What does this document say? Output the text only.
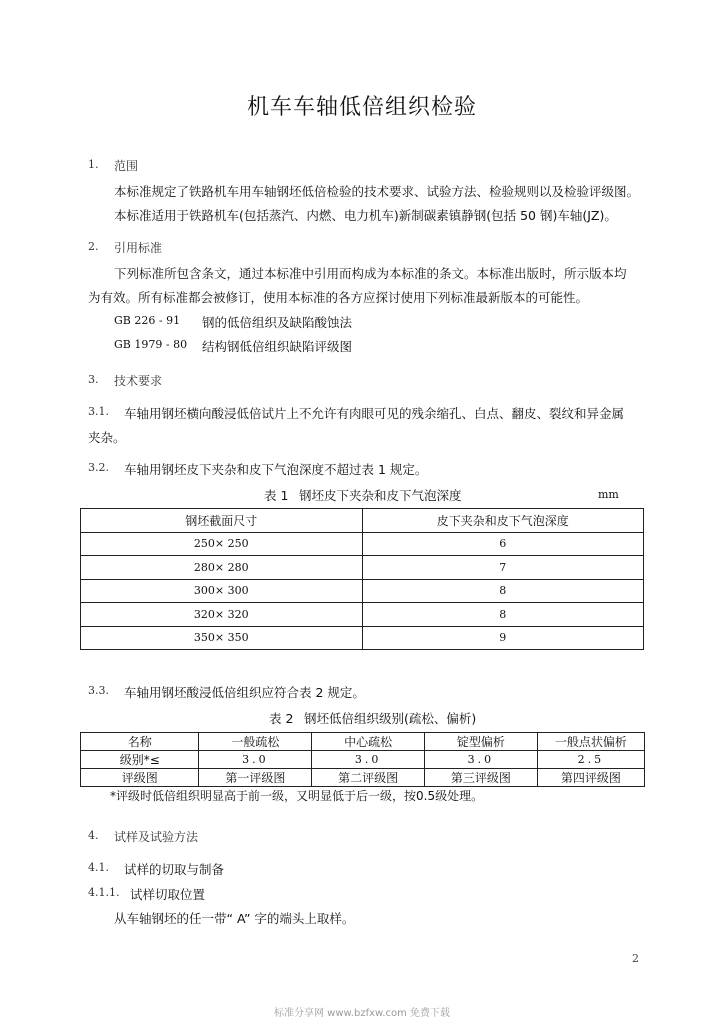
机车车轴低倍组织检验
1. 范围
本标准规定了铁路机车用车轴钢坯低倍检验的技术要求、试验方法、检验规则以及检验评级图。
本标准适用于铁路机车(包括蒸汽、内燃、电力机车)新制碳素镇静钢(包括 50 钢)车轴(JZ)。
2. 引用标准
下列标准所包含条文，通过本标准中引用而构成为本标准的条文。本标准出版时，所示版本均
为有效。所有标准都会被修订，使用本标准的各方应探讨使用下列标准最新版本的可能性。
GB 226 - 91 钢的低倍组织及缺陷酸蚀法
GB 1979 - 80 结构钢低倍组织缺陷评级图
3. 技术要求
3.1. 车轴用钢坯横向酸浸低倍试片上不允许有肉眼可见的残余缩孔、白点、翻皮、裂纹和异金属
夹杂。
3.2. 车轴用钢坯皮下夹杂和皮下气泡深度不超过表 1 规定。
表 1 钢坯皮下夹杂和皮下气泡深度	mm
钢坯截面尺寸	皮下夹杂和皮下气泡深度
250× 250	6
280× 280	7
300× 300	8
320× 320	8
350× 350	9
3.3. 车轴用钢坯酸浸低倍组织应符合表 2 规定。
表 2 钢坯低倍组织级别(疏松、偏析)
名称	一般疏松	中心疏松	锭型偏析	一般点状偏析
级别*≤	3.0	3.0	3.0	2.5
评级图	第一评级图	第二评级图	第三评级图	第四评级图
*评级时低倍组织明显高于前一级，又明显低于后一级，按0.5级处理。
4. 试样及试验方法
4.1. 试样的切取与制备
4.1.1. 试样切取位置
从车轴钢坯的任一带“ A” 字的端头上取样。
2
标准分享网 www.bzfxw.com 免费下载
